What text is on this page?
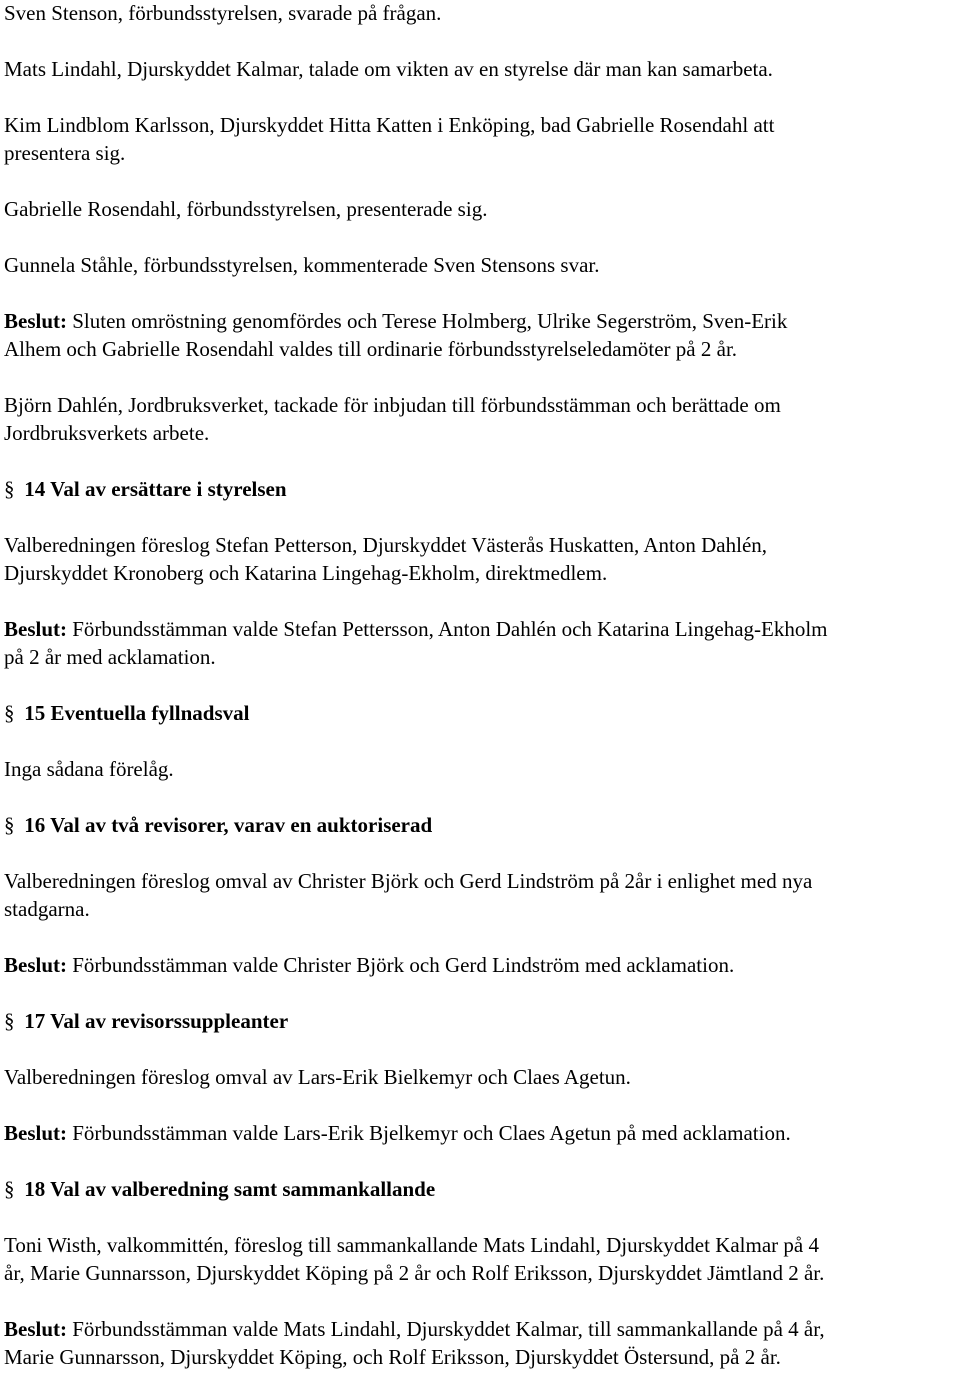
Sven Stenson, förbundsstyrelsen, svarade på frågan.

Mats Lindahl, Djurskyddet Kalmar, talade om vikten av en styrelse där man kan samarbeta.

Kim Lindblom Karlsson, Djurskyddet Hitta Katten i Enköping, bad Gabrielle Rosendahl att
presentera sig.

Gabrielle Rosendahl, förbundsstyrelsen, presenterade sig.

Gunnela Ståhle, förbundsstyrelsen, kommenterade Sven Stensons svar.

Beslut: Sluten omröstning genomfördes och Terese Holmberg, Ulrike Segerström, Sven-Erik
Alhem och Gabrielle Rosendahl valdes till ordinarie förbundsstyrelseledamöter på 2 år.

Björn Dahlén, Jordbruksverket, tackade för inbjudan till förbundsstämman och berättade om
Jordbruksverkets arbete.

§ 14 Val av ersättare i styrelsen

Valberedningen föreslog Stefan Petterson, Djurskyddet Västerås Huskatten, Anton Dahlén,
Djurskyddet Kronoberg och Katarina Lingehag-Ekholm, direktmedlem.

Beslut: Förbundsstämman valde Stefan Pettersson, Anton Dahlén och Katarina Lingehag-Ekholm
på 2 år med acklamation.

§ 15 Eventuella fyllnadsval

Inga sådana förelåg.

§ 16 Val av två revisorer, varav en auktoriserad

Valberedningen föreslog omval av Christer Björk och Gerd Lindström på 2år i enlighet med nya
stadgarna.

Beslut: Förbundsstämman valde Christer Björk och Gerd Lindström med acklamation.

§ 17 Val av revisorssuppleanter

Valberedningen föreslog omval av Lars-Erik Bielkemyr och Claes Agetun.

Beslut: Förbundsstämman valde Lars-Erik Bjelkemyr och Claes Agetun på med acklamation.

§ 18 Val av valberedning samt sammankallande

Toni Wisth, valkommittén, föreslog till sammankallande Mats Lindahl, Djurskyddet Kalmar på 4
år, Marie Gunnarsson, Djurskyddet Köping på 2 år och Rolf Eriksson, Djurskyddet Jämtland 2 år.

Beslut: Förbundsstämman valde Mats Lindahl, Djurskyddet Kalmar, till sammankallande på 4 år,
Marie Gunnarsson, Djurskyddet Köping, och Rolf Eriksson, Djurskyddet Östersund, på 2 år.
